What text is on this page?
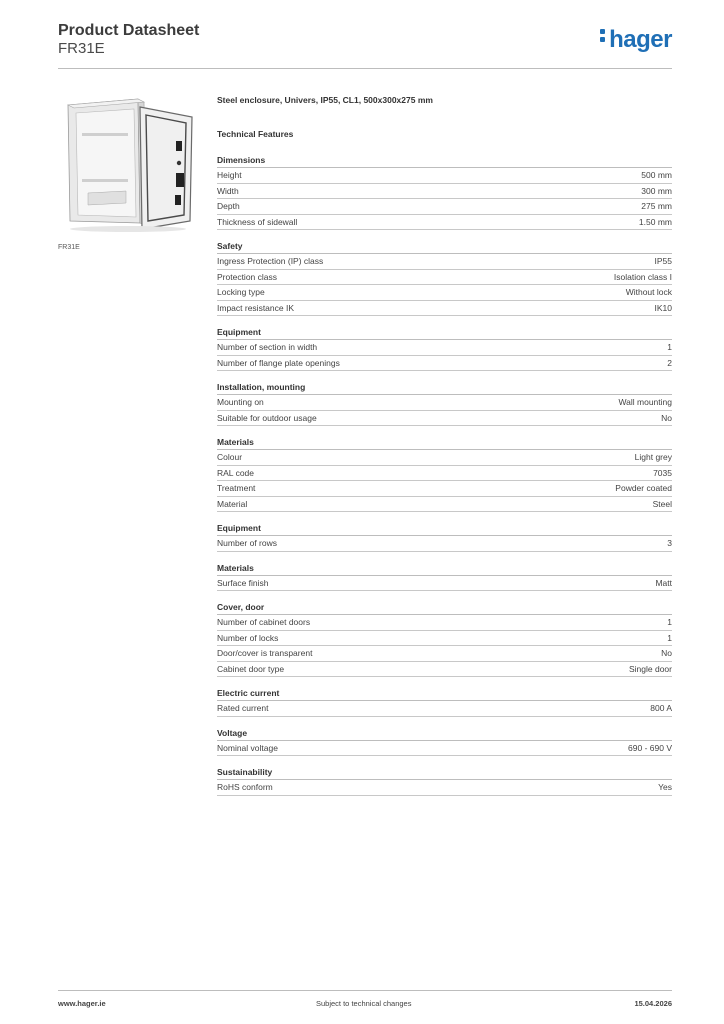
Product Datasheet
FR31E	hager
FR31E
Steel enclosure, Univers, IP55, CL1, 500x300x275 mm
Technical Features
Dimensions
Height	500 mm
Width	300 mm
Depth	275 mm
Thickness of sidewall	1.50 mm
Safety
Ingress Protection (IP) class	IP55
Protection class	Isolation class I
Locking type	Without lock
Impact resistance IK	IK10
Equipment
Number of section in width	1
Number of flange plate openings	2
Installation, mounting
Mounting on	Wall mounting
Suitable for outdoor usage	No
Materials
Colour	Light grey
RAL code	7035
Treatment	Powder coated
Material	Steel
Equipment
Number of rows	3
Materials
Surface finish	Matt
Cover, door
Number of cabinet doors	1
Number of locks	1
Door/cover is transparent	No
Cabinet door type	Single door
Electric current
Rated current	800 A
Voltage
Nominal voltage	690 - 690 V
Sustainability
RoHS conform	Yes
www.hager.ie	Subject to technical changes	15.04.2026
